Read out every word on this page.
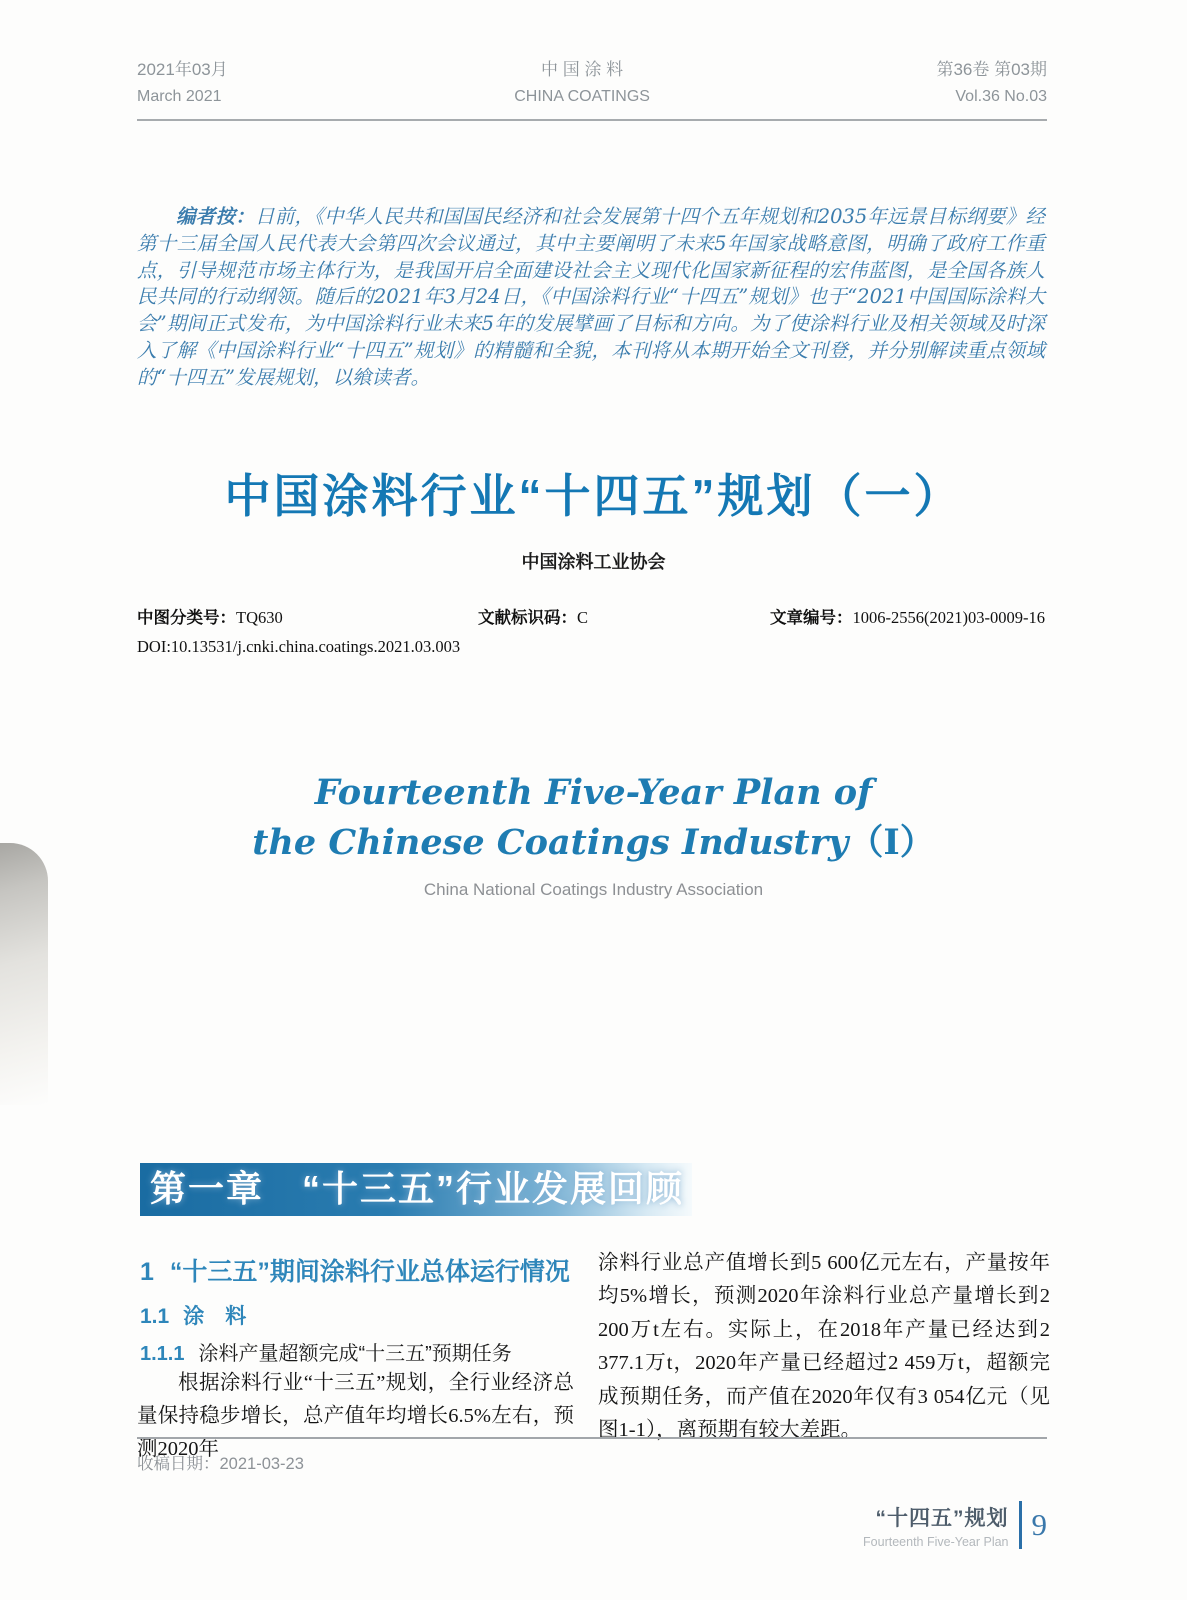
2021年03月
March 2021
中 国 涂 料
CHINA COATINGS
第36卷 第03期
Vol.36 No.03

编者按：日前，《中华人民共和国国民经济和社会发展第十四个五年规划和2035年远景目标纲要》经第十三届全国人民代表大会第四次会议通过，其中主要阐明了未来5年国家战略意图，明确了政府工作重点，引导规范市场主体行为，是我国开启全面建设社会主义现代化国家新征程的宏伟蓝图，是全国各族人民共同的行动纲领。随后的2021年3月24日，《中国涂料行业“十四五”规划》也于“2021中国国际涂料大会”期间正式发布，为中国涂料行业未来5年的发展擘画了目标和方向。为了使涂料行业及相关领域及时深入了解《中国涂料行业“十四五”规划》的精髓和全貌，本刊将从本期开始全文刊登，并分别解读重点领域的“十四五”发展规划，以飨读者。

中国涂料行业“十四五”规划（一）
中国涂料工业协会
中图分类号：TQ630	文献标识码：C	文章编号：1006-2556(2021)03-0009-16
DOI:10.13531/j.cnki.china.coatings.2021.03.003
Fourteenth Five-Year Plan of
the Chinese Coatings Industry（Ⅰ）
China National Coatings Industry Association
第一章　“十三五”行业发展回顾
1 “十三五”期间涂料行业总体运行情况
1.1 涂　料
1.1.1 涂料产量超额完成“十三五”预期任务

根据涂料行业“十三五”规划，全行业经济总量保持稳步增长，总产值年均增长6.5%左右，预测2020年

涂料行业总产值增长到5 600亿元左右，产量按年均5%增长，预测2020年涂料行业总产量增长到2 200万t左右。实际上，在2018年产量已经达到2 377.1万t，2020年产量已经超过2 459万t，超额完成预期任务，而产值在2020年仅有3 054亿元（见图1-1），离预期有较大差距。

收稿日期：2021-03-23
“十四五”规划
Fourteenth Five-Year Plan 9
